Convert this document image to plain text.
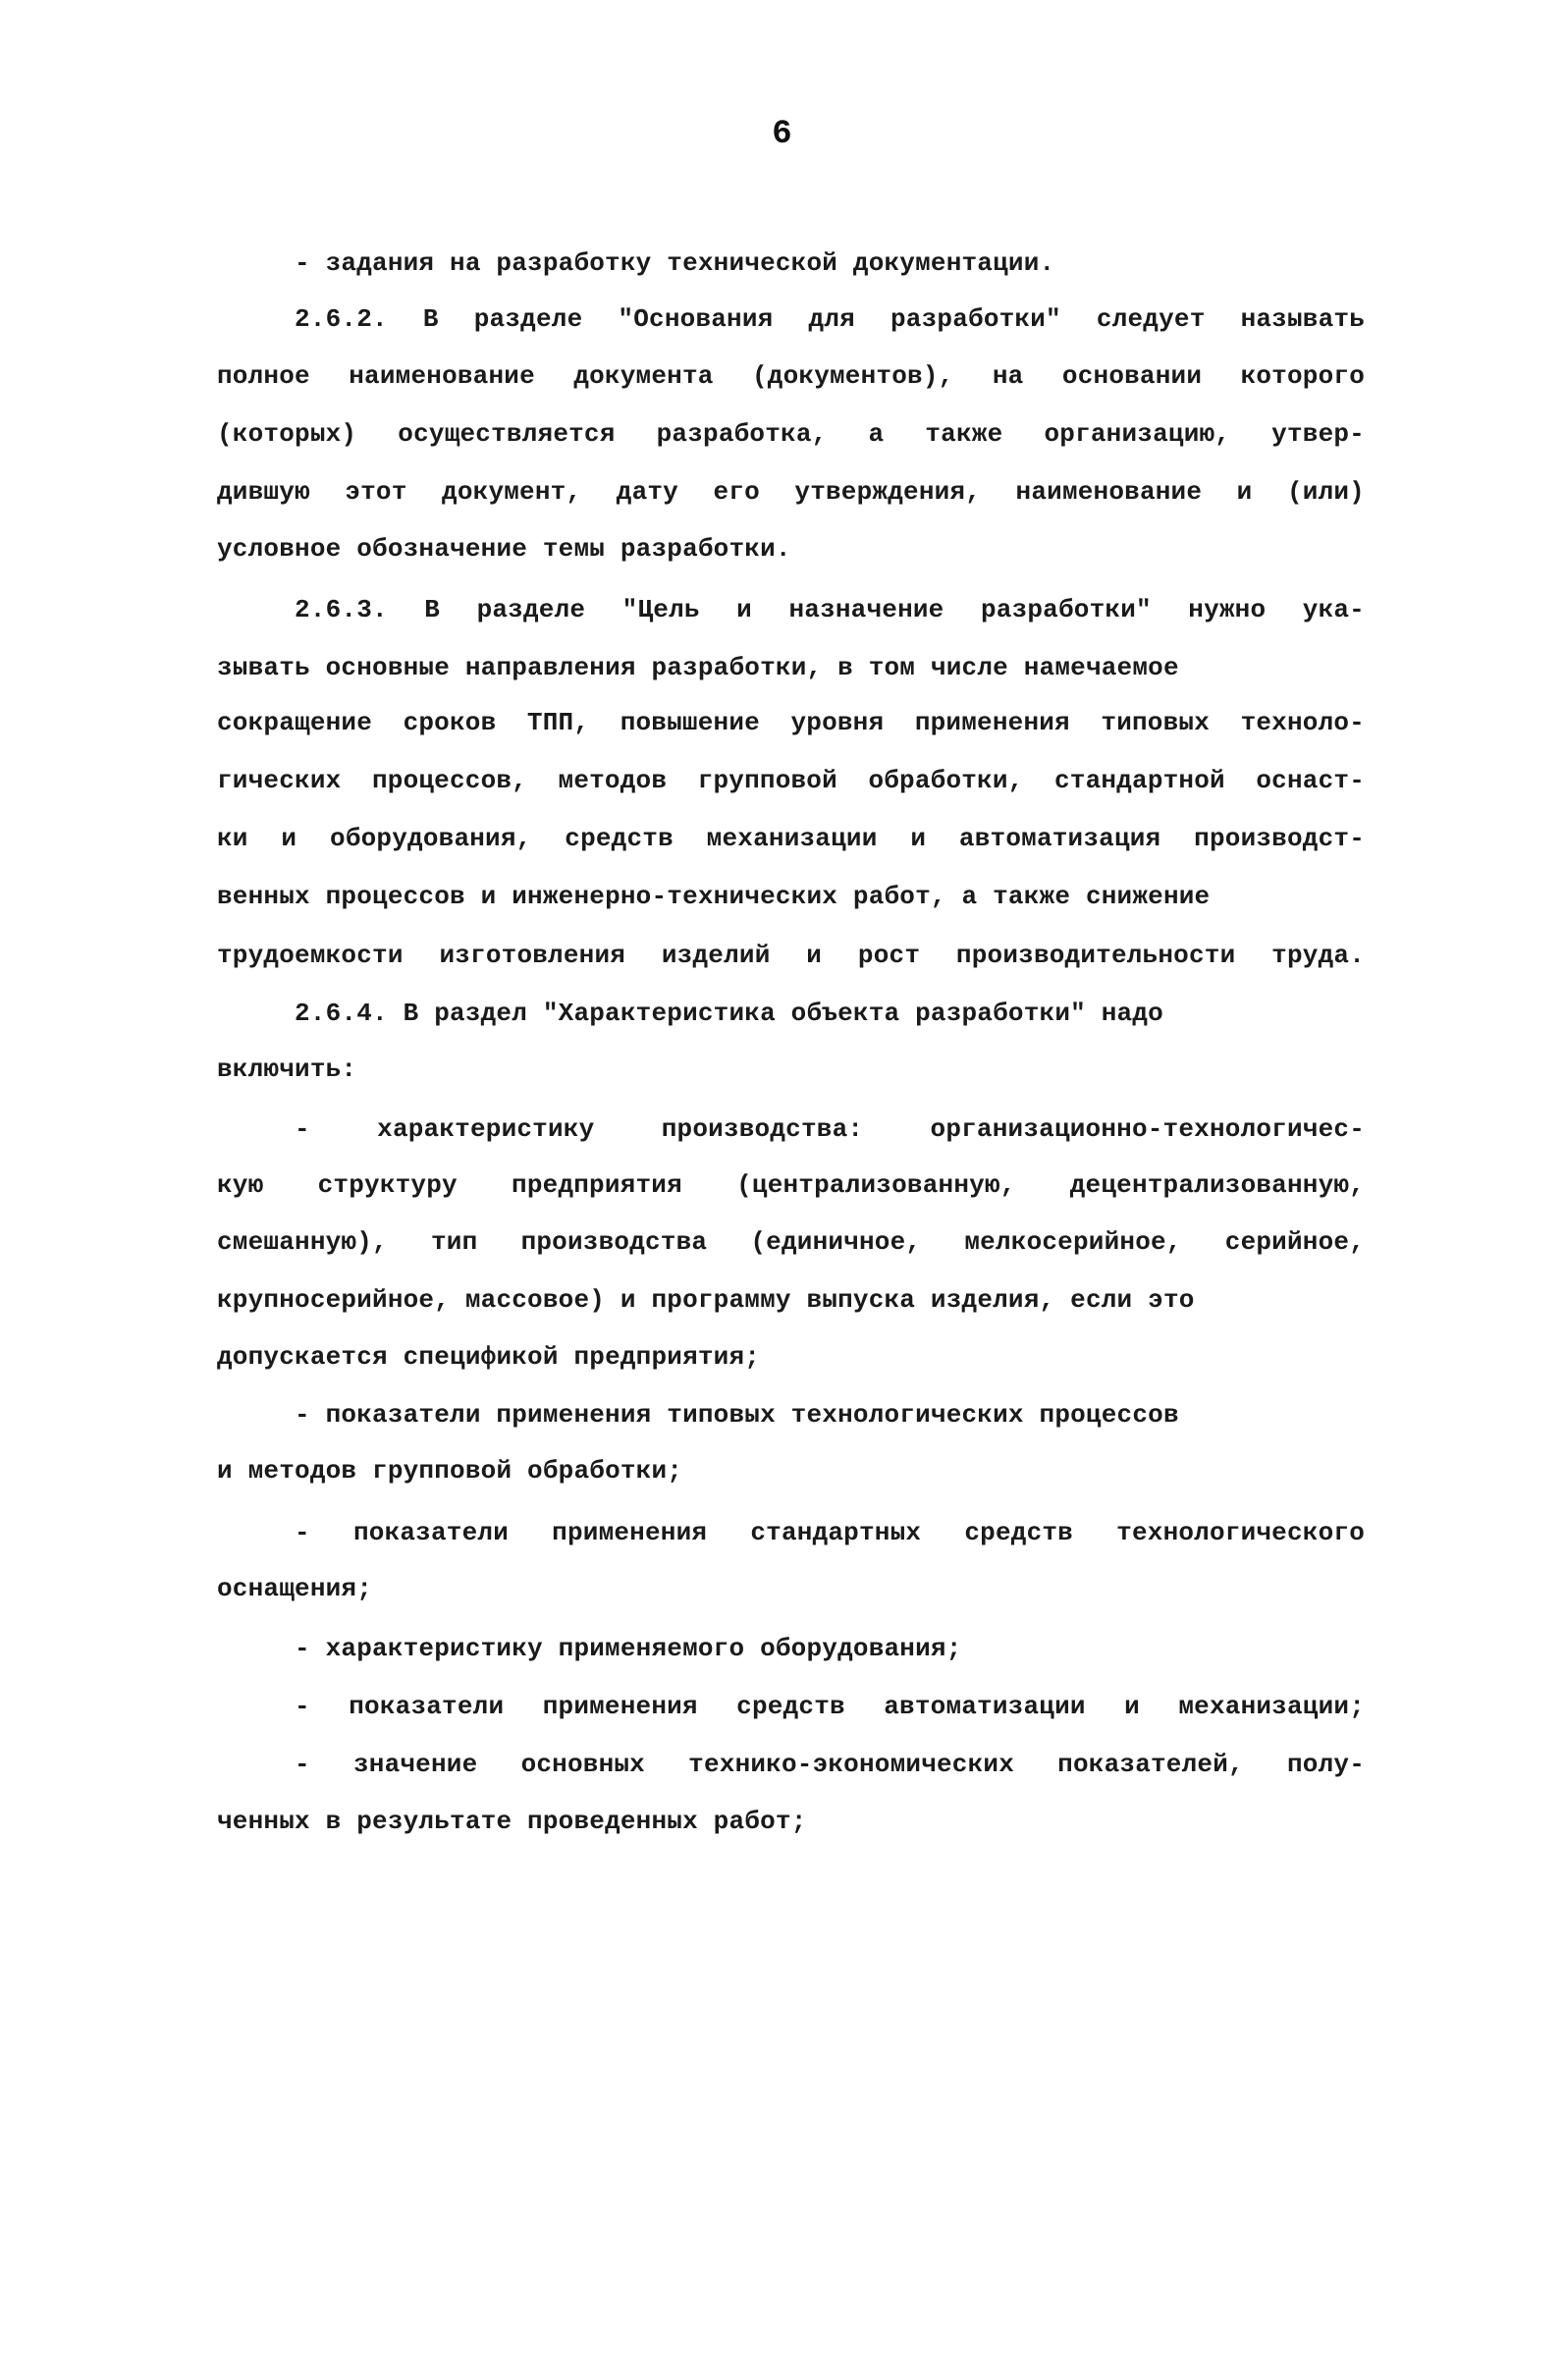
6
- задания на разработку технической документации.
2.6.2. В разделе "Основания для разработки" следует называть
полное наименование документа (документов), на основании которого
(которых) осуществляется разработка, а также организацию, утвер-
дившую этот документ, дату его утверждения, наименование и (или)
условное обозначение темы разработки.
2.6.3. В разделе "Цель и назначение разработки" нужно ука-
зывать основные направления разработки, в том числе намечаемое
сокращение сроков ТПП, повышение уровня применения типовых техноло-
гических процессов, методов групповой обработки, стандартной оснаст-
ки и оборудования, средств механизации и автоматизация производст-
венных процессов и инженерно-технических работ, а также снижение
трудоемкости изготовления изделий и рост производительности труда.
2.6.4. В раздел "Характеристика объекта разработки" надо
включить:
- характеристику производства: организационно-технологичес-
кую структуру предприятия (централизованную, децентрализованную,
смешанную), тип производства (единичное, мелкосерийное, серийное,
крупносерийное, массовое) и программу выпуска изделия, если это
допускается спецификой предприятия;
- показатели применения типовых технологических процессов
и методов групповой обработки;
- показатели применения стандартных средств технологического
оснащения;
- характеристику применяемого оборудования;
- показатели применения средств автоматизации и механизации;
- значение основных технико-экономических показателей, полу-
ченных в результате проведенных работ;
